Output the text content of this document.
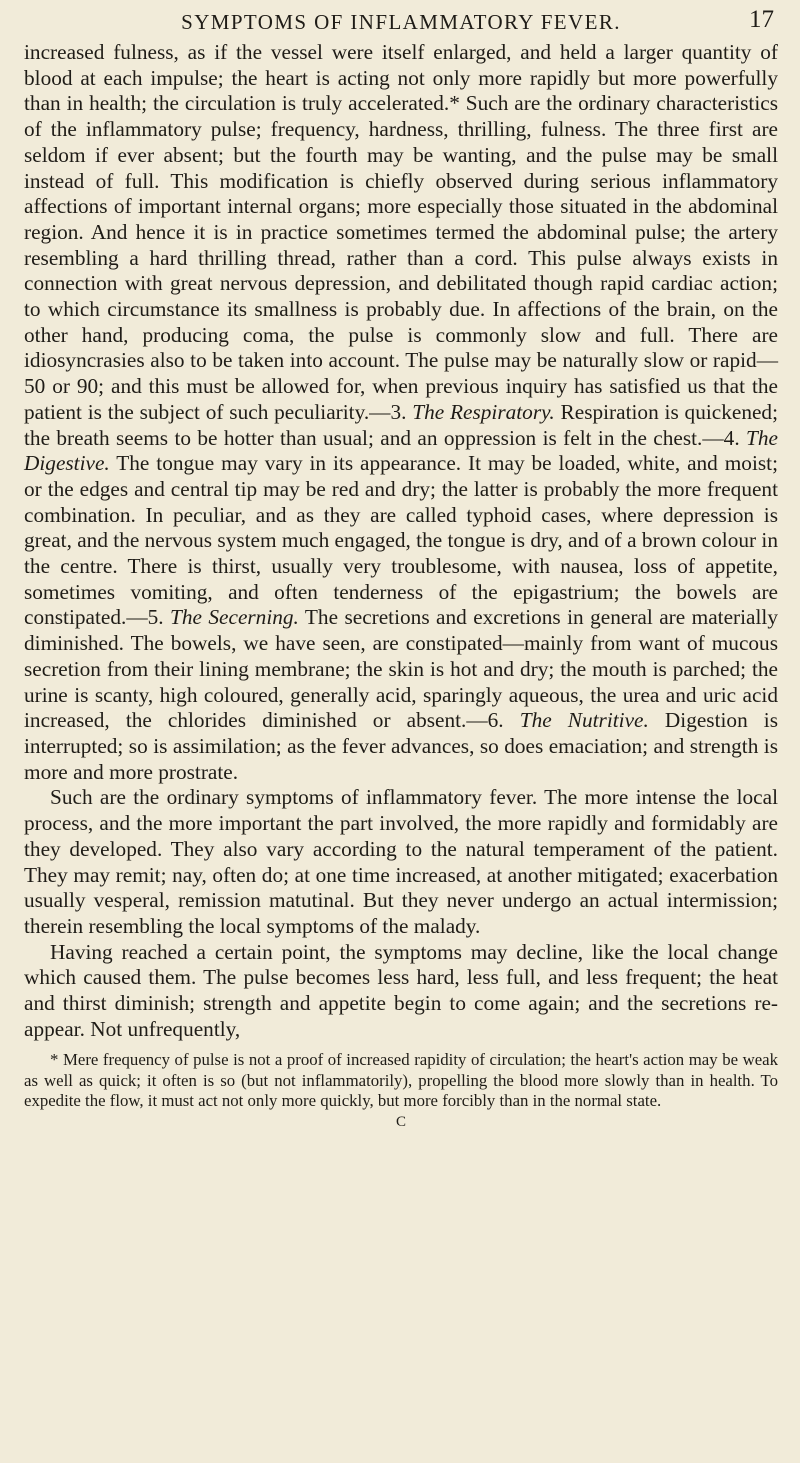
SYMPTOMS OF INFLAMMATORY FEVER.	17

increased fulness, as if the vessel were itself enlarged, and held a larger quantity of blood at each impulse; the heart is acting not only more rapidly but more powerfully than in health; the circulation is truly accelerated.* Such are the ordinary characteristics of the inflammatory pulse; frequency, hardness, thrilling, fulness. The three first are seldom if ever absent; but the fourth may be wanting, and the pulse may be small instead of full. This modification is chiefly observed during serious inflammatory affections of important internal organs; more especially those situated in the abdominal region. And hence it is in practice sometimes termed the abdominal pulse; the artery resembling a hard thrilling thread, rather than a cord. This pulse always exists in connection with great nervous depression, and debilitated though rapid cardiac action; to which circumstance its smallness is probably due. In affections of the brain, on the other hand, producing coma, the pulse is commonly slow and full. There are idiosyncrasies also to be taken into account. The pulse may be naturally slow or rapid—50 or 90; and this must be allowed for, when previous inquiry has satisfied us that the patient is the subject of such peculiarity.—3. The Respiratory. Respiration is quickened; the breath seems to be hotter than usual; and an oppression is felt in the chest.—4. The Digestive. The tongue may vary in its appearance. It may be loaded, white, and moist; or the edges and central tip may be red and dry; the latter is probably the more frequent combination. In peculiar, and as they are called typhoid cases, where depression is great, and the nervous system much engaged, the tongue is dry, and of a brown colour in the centre. There is thirst, usually very troublesome, with nausea, loss of appetite, sometimes vomiting, and often tenderness of the epigastrium; the bowels are constipated.—5. The Secerning. The secretions and excretions in general are materially diminished. The bowels, we have seen, are constipated—mainly from want of mucous secretion from their lining membrane; the skin is hot and dry; the mouth is parched; the urine is scanty, high coloured, generally acid, sparingly aqueous, the urea and uric acid increased, the chlorides diminished or absent.—6. The Nutritive. Digestion is interrupted; so is assimilation; as the fever advances, so does emaciation; and strength is more and more prostrate.

Such are the ordinary symptoms of inflammatory fever. The more intense the local process, and the more important the part involved, the more rapidly and formidably are they developed. They also vary according to the natural temperament of the patient. They may remit; nay, often do; at one time increased, at another mitigated; exacerbation usually vesperal, remission matutinal. But they never undergo an actual intermission; therein resembling the local symptoms of the malady.

Having reached a certain point, the symptoms may decline, like the local change which caused them. The pulse becomes less hard, less full, and less frequent; the heat and thirst diminish; strength and appetite begin to come again; and the secretions re-appear. Not unfrequently,

* Mere frequency of pulse is not a proof of increased rapidity of circulation; the heart's action may be weak as well as quick; it often is so (but not inflammatorily), propelling the blood more slowly than in health. To expedite the flow, it must act not only more quickly, but more forcibly than in the normal state.
C
